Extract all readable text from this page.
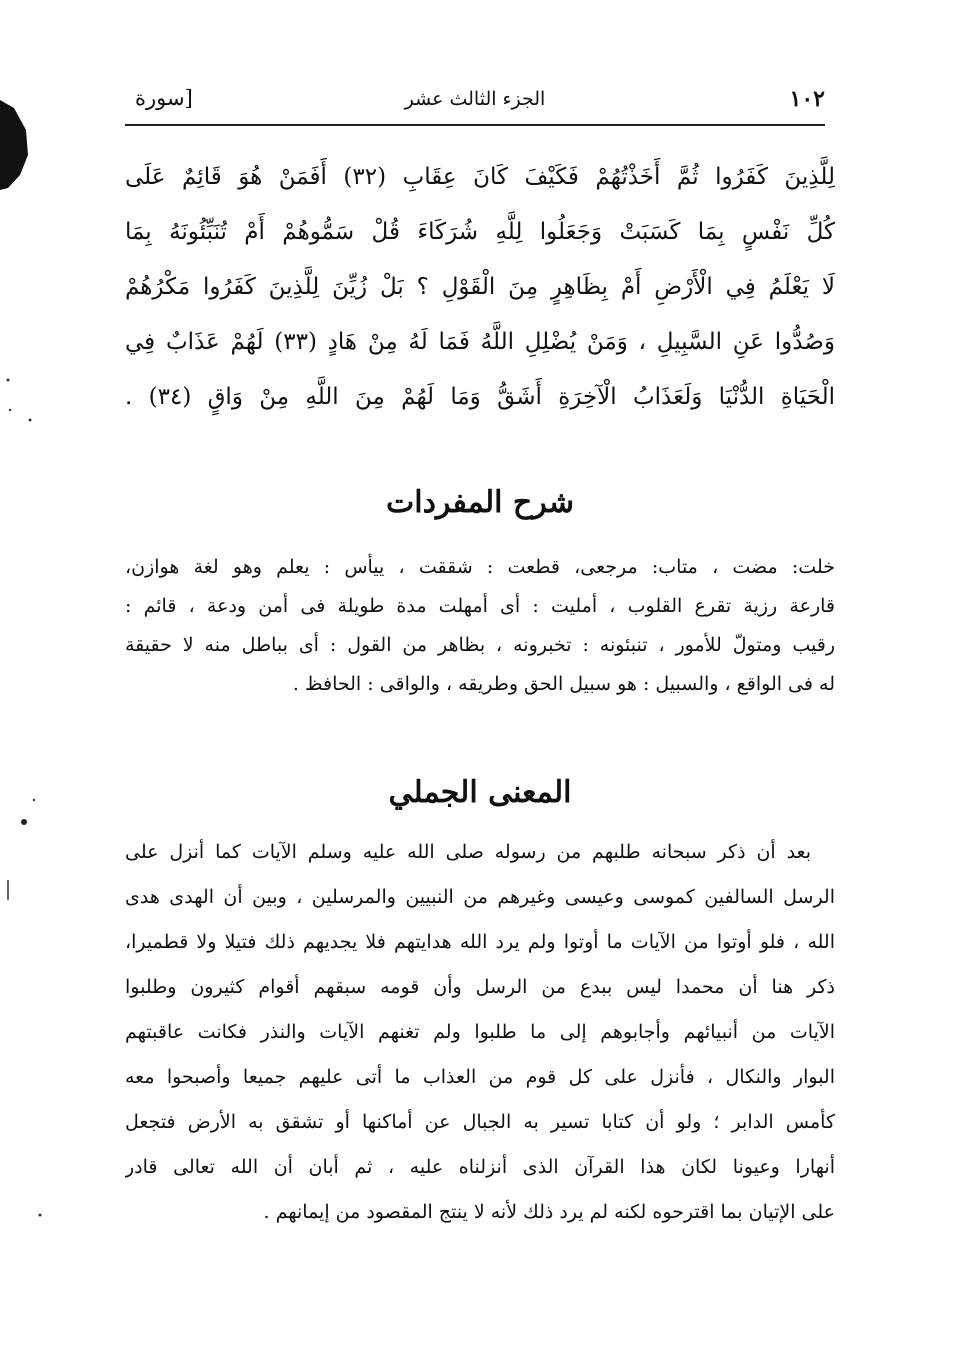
١٠٢
الجزء الثالث عشر
[سورة
لِلَّذِينَ كَفَرُوا ثُمَّ أَخَذْتُهُمْ فَكَيْفَ كَانَ عِقَابِ (٣٢) أَفَمَنْ هُوَ قَائِمٌ عَلَى
كُلِّ نَفْسٍ بِمَا كَسَبَتْ وَجَعَلُوا لِلَّهِ شُرَكَاءَ قُلْ سَمُّوهُمْ أَمْ تُنَبِّئُونَهُ بِمَا
لَا يَعْلَمُ فِي الْأَرْضِ أَمْ بِظَاهِرٍ مِنَ الْقَوْلِ ؟ بَلْ زُيِّنَ لِلَّذِينَ كَفَرُوا مَكْرُهُمْ
وَصُدُّوا عَنِ السَّبِيلِ ، وَمَنْ يُضْلِلِ اللَّهُ فَمَا لَهُ مِنْ هَادٍ (٣٣) لَهُمْ عَذَابٌ فِي
الْحَيَاةِ الدُّنْيَا وَلَعَذَابُ الْآخِرَةِ أَشَقُّ وَمَا لَهُمْ مِنَ اللَّهِ مِنْ وَاقٍ (٣٤) .
شرح المفردات
خلت: مضت ، متاب: مرجعى، قطعت : شققت ، ييأس : يعلم وهو لغة هوازن،
قارعة رزية تقرع القلوب ، أمليت : أى أمهلت مدة طويلة فى أمن ودعة ، قائم :
رقيب ومتولّ للأمور ، تنبئونه : تخبرونه ، بظاهر من القول : أى بباطل منه لا حقيقة
له فى الواقع ، والسبيل : هو سبيل الحق وطريقه ، والواقى : الحافظ .
المعنى الجملي
بعد أن ذكر سبحانه طلبهم من رسوله صلى الله عليه وسلم الآيات كما أنزل على
الرسل السالفين كموسى وعيسى وغيرهم من النبيين والمرسلين ، وبين أن الهدى هدى
الله ، فلو أوتوا من الآيات ما أوتوا ولم يرد الله هدايتهم فلا يجديهم ذلك فتيلا ولا قطميرا،
ذكر هنا أن محمدا ليس ببدع من الرسل وأن قومه سبقهم أقوام كثيرون وطلبوا
الآيات من أنبيائهم وأجابوهم إلى ما طلبوا ولم تغنهم الآيات والنذر فكانت عاقبتهم
البوار والنكال ، فأنزل على كل قوم من العذاب ما أتى عليهم جميعا وأصبحوا معه
كأمس الدابر ؛ ولو أن كتابا تسير به الجبال عن أماكنها أو تشقق به الأرض فتجعل
أنهارا وعيونا لكان هذا القرآن الذى أنزلناه عليه ، ثم أبان أن الله تعالى قادر
على الإتيان بما اقترحوه لكنه لم يرد ذلك لأنه لا ينتج المقصود من إيمانهم .
